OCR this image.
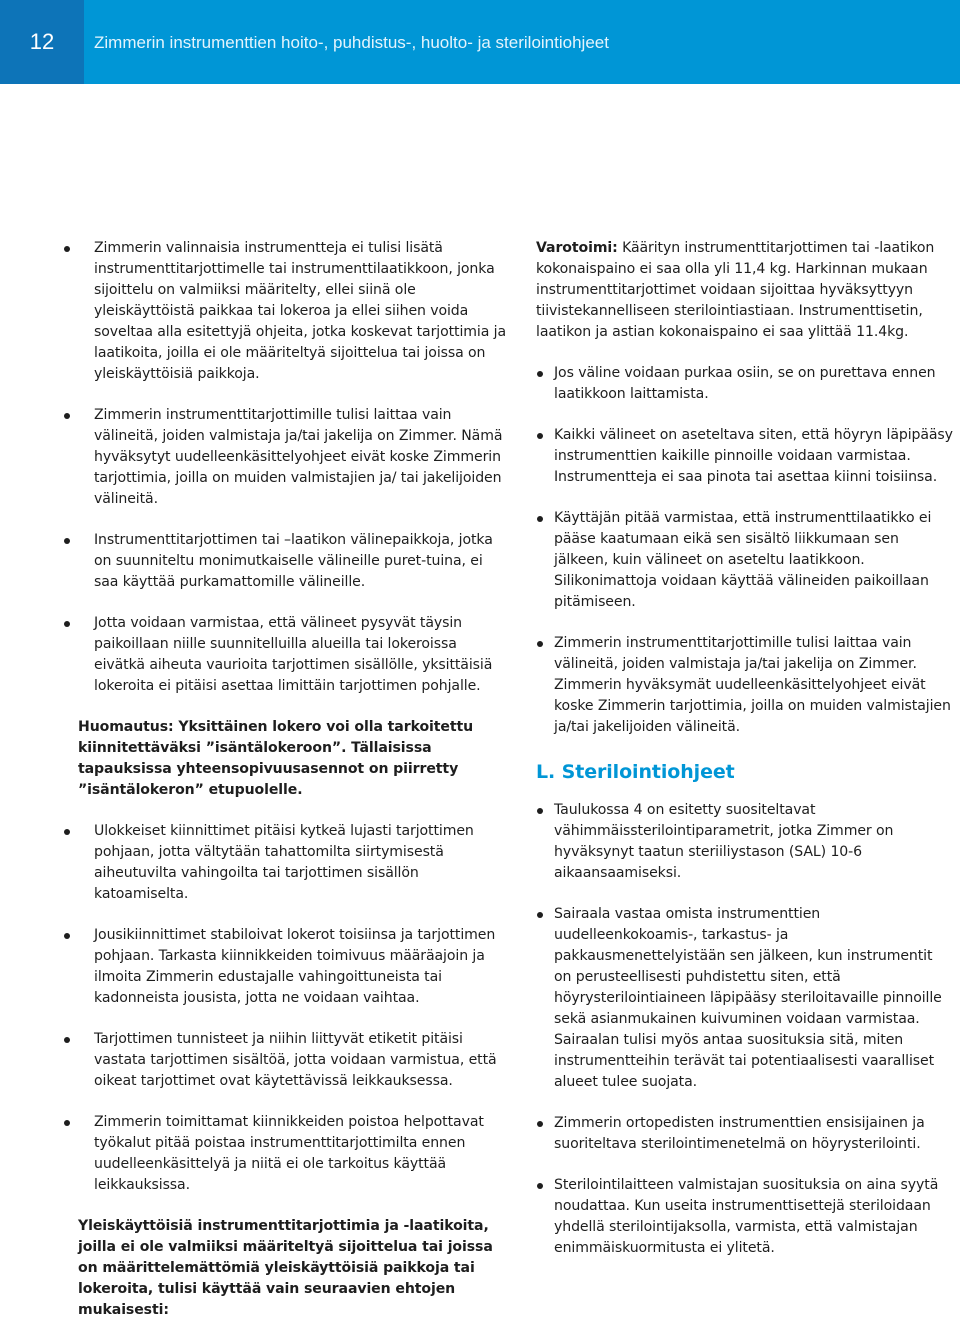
12	Zimmerin instrumenttien hoito-, puhdistus-, huolto- ja sterilointiohjeet
Zimmerin valinnaisia instrumentteja ei tulisi lisätä instrumenttitarjottimelle tai instrumenttilaatikkoon, jonka sijoittelu on valmiiksi määritelty, ellei siinä ole yleiskäyttöistä paikkaa tai lokeroa ja ellei siihen voida soveltaa alla esitettyjä ohjeita, jotka koskevat tarjottimia ja laatikoita, joilla ei ole määriteltyä sijoittelua tai joissa on yleiskäyttöisiä paikkoja.
Zimmerin instrumenttitarjottimille tulisi laittaa vain välineitä, joiden valmistaja ja/tai jakelija on Zimmer. Nämä hyväksytyt uudelleenkäsittelyohjeet eivät koske Zimmerin tarjottimia, joilla on muiden valmistajien ja/ tai jakelijoiden välineitä.
Instrumenttitarjottimen tai –laatikon välinepaikkoja, jotka on suunniteltu monimutkaiselle välineille puret-tuina, ei saa käyttää purkamattomille välineille.
Jotta voidaan varmistaa, että välineet pysyvät täysin paikoillaan niille suunnitelluilla alueilla tai lokeroissa eivätkä aiheuta vaurioita tarjottimen sisällölle, yksittäisiä lokeroita ei pitäisi asettaa limittäin tarjottimen pohjalle.

Huomautus: Yksittäinen lokero voi olla tarkoitettu kiinnitettäväksi ”isäntälokeroon”. Tällaisissa tapauksissa yhteensopivuusasennot on piirretty ”isäntälokeron” etupuolelle.

Ulokkeiset kiinnittimet pitäisi kytkeä lujasti tarjottimen pohjaan, jotta vältytään tahattomilta siirtymisestä aiheutuvilta vahingoilta tai tarjottimen sisällön katoamiselta.
Jousikiinnittimet stabiloivat lokerot toisiinsa ja tarjottimen pohjaan. Tarkasta kiinnikkeiden toimivuus määräajoin ja ilmoita Zimmerin edustajalle vahingoittuneista tai kadonneista jousista, jotta ne voidaan vaihtaa.
Tarjottimen tunnisteet ja niihin liittyvät etiketit pitäisi vastata tarjottimen sisältöä, jotta voidaan varmistua, että oikeat tarjottimet ovat käytettävissä leikkauksessa.
Zimmerin toimittamat kiinnikkeiden poistoa helpottavat työkalut pitää poistaa instrumenttitarjottimilta ennen uudelleenkäsittelyä ja niitä ei ole tarkoitus käyttää leikkauksissa.

Yleiskäyttöisiä instrumenttitarjottimia ja -laatikoita, joilla ei ole valmiiksi määriteltyä sijoittelua tai joissa on määrittelemättömiä yleiskäyttöisiä paikkoja tai lokeroita, tulisi käyttää vain seuraavien ehtojen mukaisesti:

Varotoimi: Käärityn instrumenttitarjottimen tai -laatikon kokonaispaino ei saa olla yli 11,4 kg. Harkinnan mukaan instrumenttitarjottimet voidaan sijoittaa hyväksyttyyn tiivistekannelliseen sterilointiastiaan. Instrumenttisetin, laatikon ja astian kokonaispaino ei saa ylittää 11.4kg.

Jos väline voidaan purkaa osiin, se on purettava ennen laatikkoon laittamista.
Kaikki välineet on aseteltava siten, että höyryn läpipääsy instrumenttien kaikille pinnoille voidaan varmistaa. Instrumentteja ei saa pinota tai asettaa kiinni toisiinsa.
Käyttäjän pitää varmistaa, että instrumenttilaatikko ei pääse kaatumaan eikä sen sisältö liikkumaan sen jälkeen, kuin välineet on aseteltu laatikkoon. Silikonimattoja voidaan käyttää välineiden paikoillaan pitämiseen.
Zimmerin instrumenttitarjottimille tulisi laittaa vain välineitä, joiden valmistaja ja/tai jakelija on Zimmer. Zimmerin hyväksymät uudelleenkäsittelyohjeet eivät koske Zimmerin tarjottimia, joilla on muiden valmistajien ja/tai jakelijoiden välineitä.
L. Sterilointiohjeet
Taulukossa 4 on esitetty suositeltavat vähimmäissterilointiparametrit, jotka Zimmer on hyväksynyt taatun steriiliystason (SAL) 10-6 aikaansaamiseksi.
Sairaala vastaa omista instrumenttien uudelleenkokoamis-, tarkastus- ja pakkausmenettelyistään sen jälkeen, kun instrumentit on perusteellisesti puhdistettu siten, että höyrysterilointiaineen läpipääsy steriloitavaille pinnoille sekä asianmukainen kuivuminen voidaan varmistaa. Sairaalan tulisi myös antaa suosituksia sitä, miten instrumentteihin terävät tai potentiaalisesti vaaralliset alueet tulee suojata.
Zimmerin ortopedisten instrumenttien ensisijainen ja suoriteltava sterilointimenetelmä on höyrysterilointi.
Sterilointilaitteen valmistajan suosituksia on aina syytä noudattaa. Kun useita instrumenttisettejä steriloidaan yhdellä sterilointijaksolla, varmista, että valmistajan enimmäiskuormitusta ei ylitetä.
